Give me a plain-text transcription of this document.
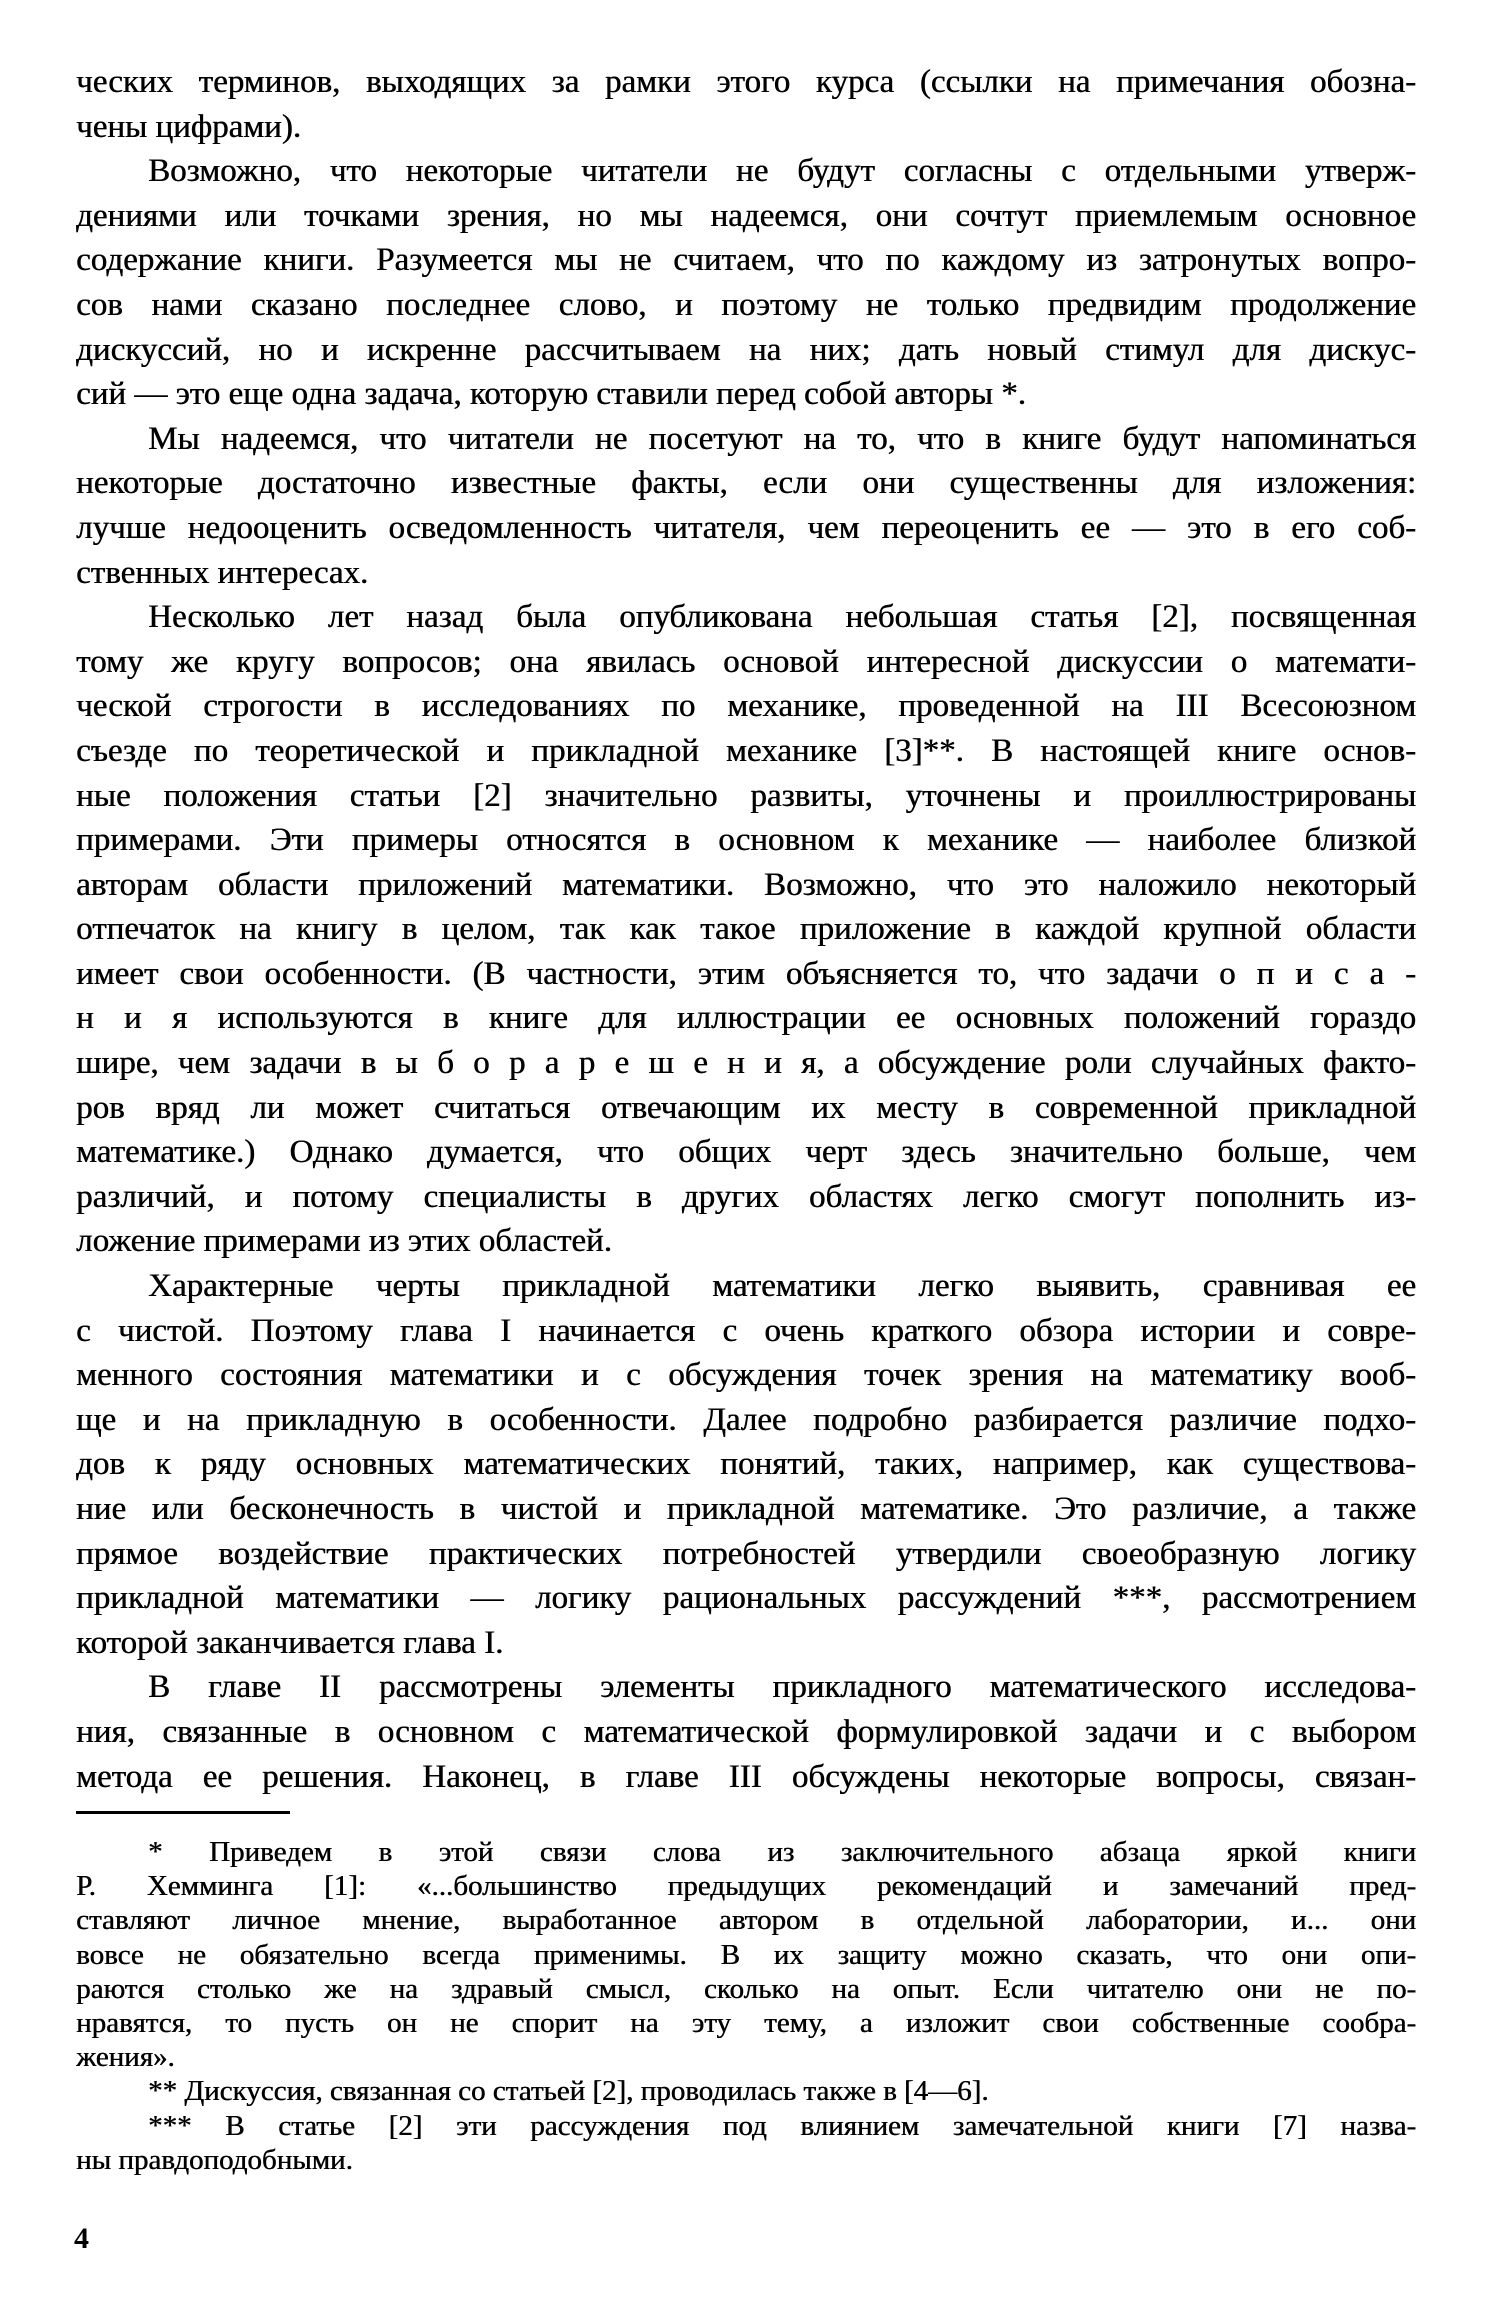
ческих терминов, выходящих за рамки этого курса (ссылки на примечания обозна-
чены цифрами).
Возможно, что некоторые читатели не будут согласны с отдельными утверж-
дениями или точками зрения, но мы надеемся, они сочтут приемлемым основное
содержание книги. Разумеется мы не считаем, что по каждому из затронутых вопро-
сов нами сказано последнее слово, и поэтому не только предвидим продолжение
дискуссий, но и искренне рассчитываем на них; дать новый стимул для дискус-
сий — это еще одна задача, которую ставили перед собой авторы *.
Мы надеемся, что читатели не посетуют на то, что в книге будут напоминаться
некоторые достаточно известные факты, если они существенны для изложения:
лучше недооценить осведомленность читателя, чем переоценить ее — это в его соб-
ственных интересах.
Несколько лет назад была опубликована небольшая статья [2], посвященная
тому же кругу вопросов; она явилась основой интересной дискуссии о математи-
ческой строгости в исследованиях по механике, проведенной на III Всесоюзном
съезде по теоретической и прикладной механике [3]**. В настоящей книге основ-
ные положения статьи [2] значительно развиты, уточнены и проиллюстрированы
примерами. Эти примеры относятся в основном к механике — наиболее близкой
авторам области приложений математики. Возможно, что это наложило некоторый
отпечаток на книгу в целом, так как такое приложение в каждой крупной области
имеет свои особенности. (В частности, этим объясняется то, что задачи о п и с а -
н и я используются в книге для иллюстрации ее основных положений гораздо
шире, чем задачи в ы б о р а р е ш е н и я, а обсуждение роли случайных факто-
ров вряд ли может считаться отвечающим их месту в современной прикладной
математике.) Однако думается, что общих черт здесь значительно больше, чем
различий, и потому специалисты в других областях легко смогут пополнить из-
ложение примерами из этих областей.
Характерные черты прикладной математики легко выявить, сравнивая ее
с чистой. Поэтому глава I начинается с очень краткого обзора истории и совре-
менного состояния математики и с обсуждения точек зрения на математику вооб-
ще и на прикладную в особенности. Далее подробно разбирается различие подхо-
дов к ряду основных математических понятий, таких, например, как существова-
ние или бесконечность в чистой и прикладной математике. Это различие, а также
прямое воздействие практических потребностей утвердили своеобразную логику
прикладной математики — логику рациональных рассуждений ***, рассмотрением
которой заканчивается глава I.
В главе II рассмотрены элементы прикладного математического исследова-
ния, связанные в основном с математической формулировкой задачи и с выбором
метода ее решения. Наконец, в главе III обсуждены некоторые вопросы, связан-
* Приведем в этой связи слова из заключительного абзаца яркой книги
Р. Хемминга [1]: «...большинство предыдущих рекомендаций и замечаний пред-
ставляют личное мнение, выработанное автором в отдельной лаборатории, и... они
вовсе не обязательно всегда применимы. В их защиту можно сказать, что они опи-
раются столько же на здравый смысл, сколько на опыт. Если читателю они не по-
нравятся, то пусть он не спорит на эту тему, а изложит свои собственные сообра-
жения».
** Дискуссия, связанная со статьей [2], проводилась также в [4—6].
*** В статье [2] эти рассуждения под влиянием замечательной книги [7] назва-
ны правдоподобными.
4
